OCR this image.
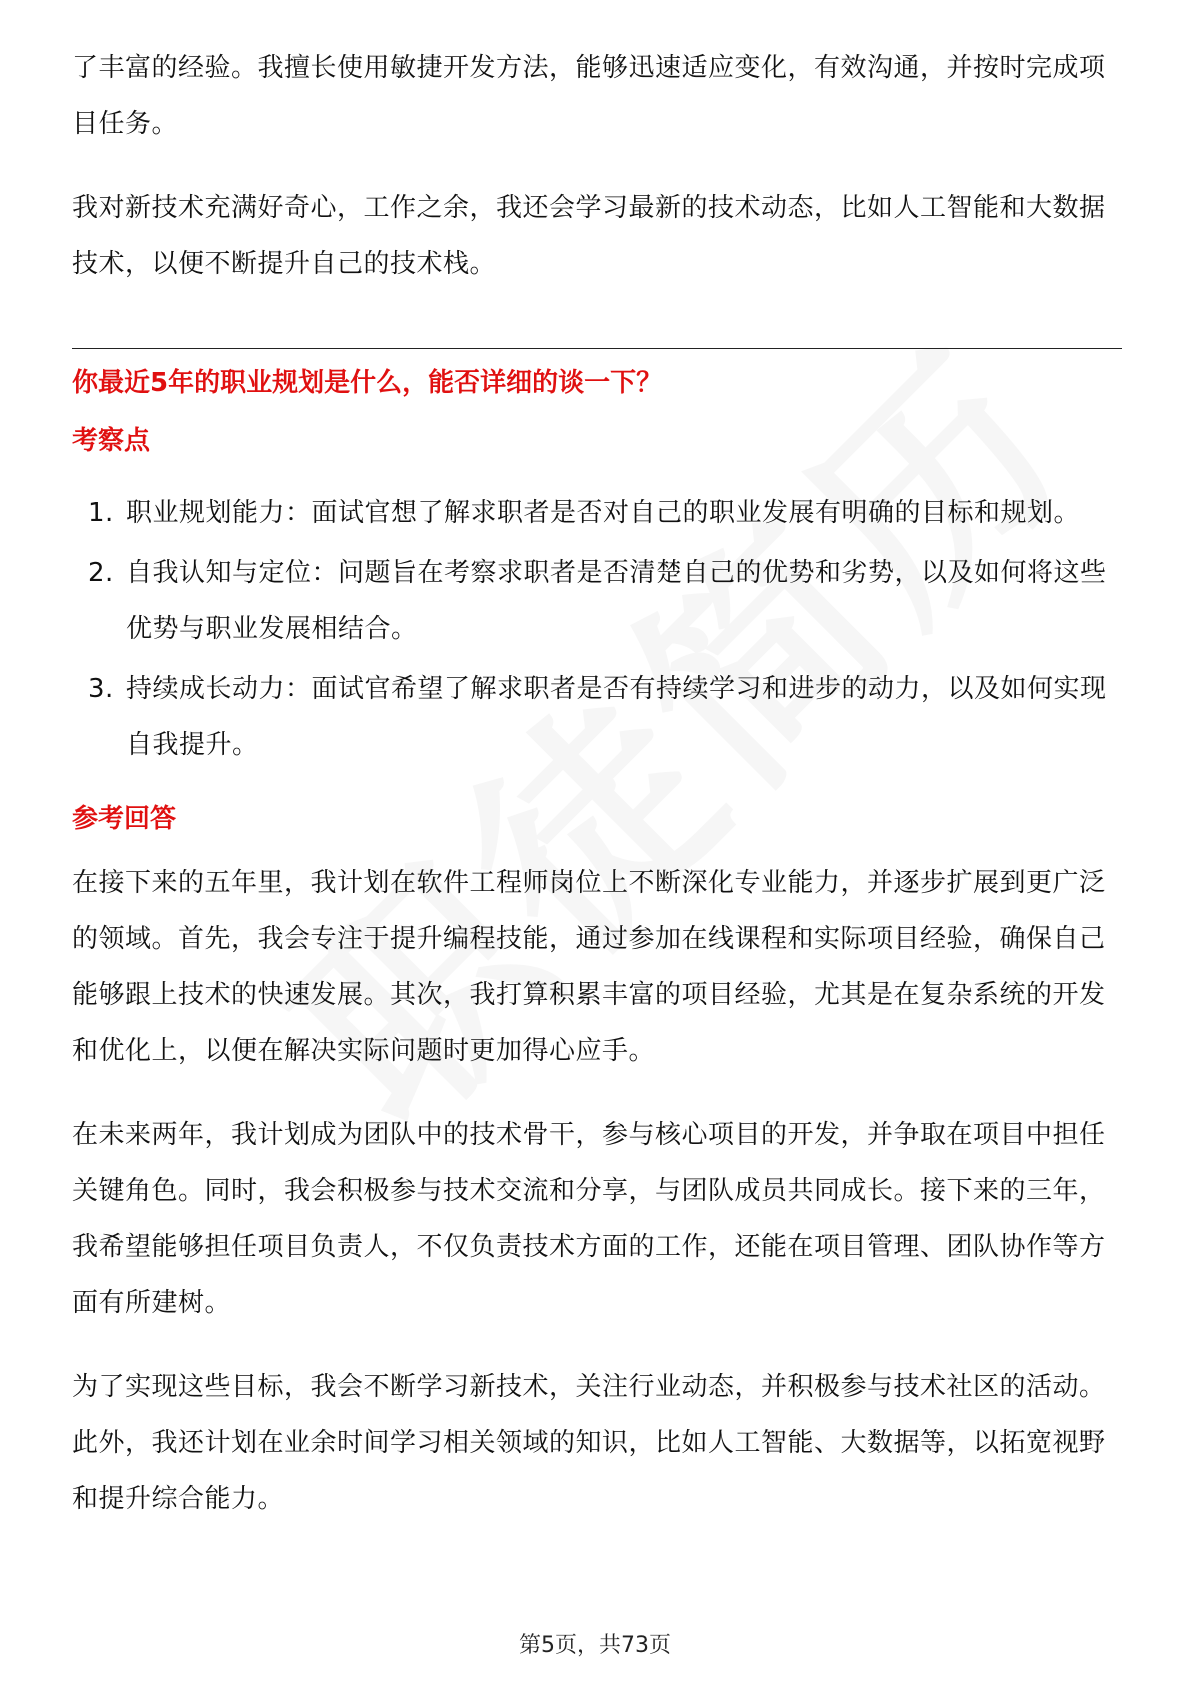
了丰富的经验。我擅长使用敏捷开发方法，能够迅速适应变化，有效沟通，并按时完成项目任务。

我对新技术充满好奇心，工作之余，我还会学习最新的技术动态，比如人工智能和大数据技术，以便不断提升自己的技术栈。

你最近5年的职业规划是什么，能否详细的谈一下？
考察点
1. 职业规划能力：面试官想了解求职者是否对自己的职业发展有明确的目标和规划。
2. 自我认知与定位：问题旨在考察求职者是否清楚自己的优势和劣势，以及如何将这些优势与职业发展相结合。
3. 持续成长动力：面试官希望了解求职者是否有持续学习和进步的动力，以及如何实现自我提升。
参考回答

在接下来的五年里，我计划在软件工程师岗位上不断深化专业能力，并逐步扩展到更广泛的领域。首先，我会专注于提升编程技能，通过参加在线课程和实际项目经验，确保自己能够跟上技术的快速发展。其次，我打算积累丰富的项目经验，尤其是在复杂系统的开发和优化上，以便在解决实际问题时更加得心应手。

在未来两年，我计划成为团队中的技术骨干，参与核心项目的开发，并争取在项目中担任关键角色。同时，我会积极参与技术交流和分享，与团队成员共同成长。接下来的三年，我希望能够担任项目负责人，不仅负责技术方面的工作，还能在项目管理、团队协作等方面有所建树。

为了实现这些目标，我会不断学习新技术，关注行业动态，并积极参与技术社区的活动。此外，我还计划在业余时间学习相关领域的知识，比如人工智能、大数据等，以拓宽视野和提升综合能力。

第5页，共73页
